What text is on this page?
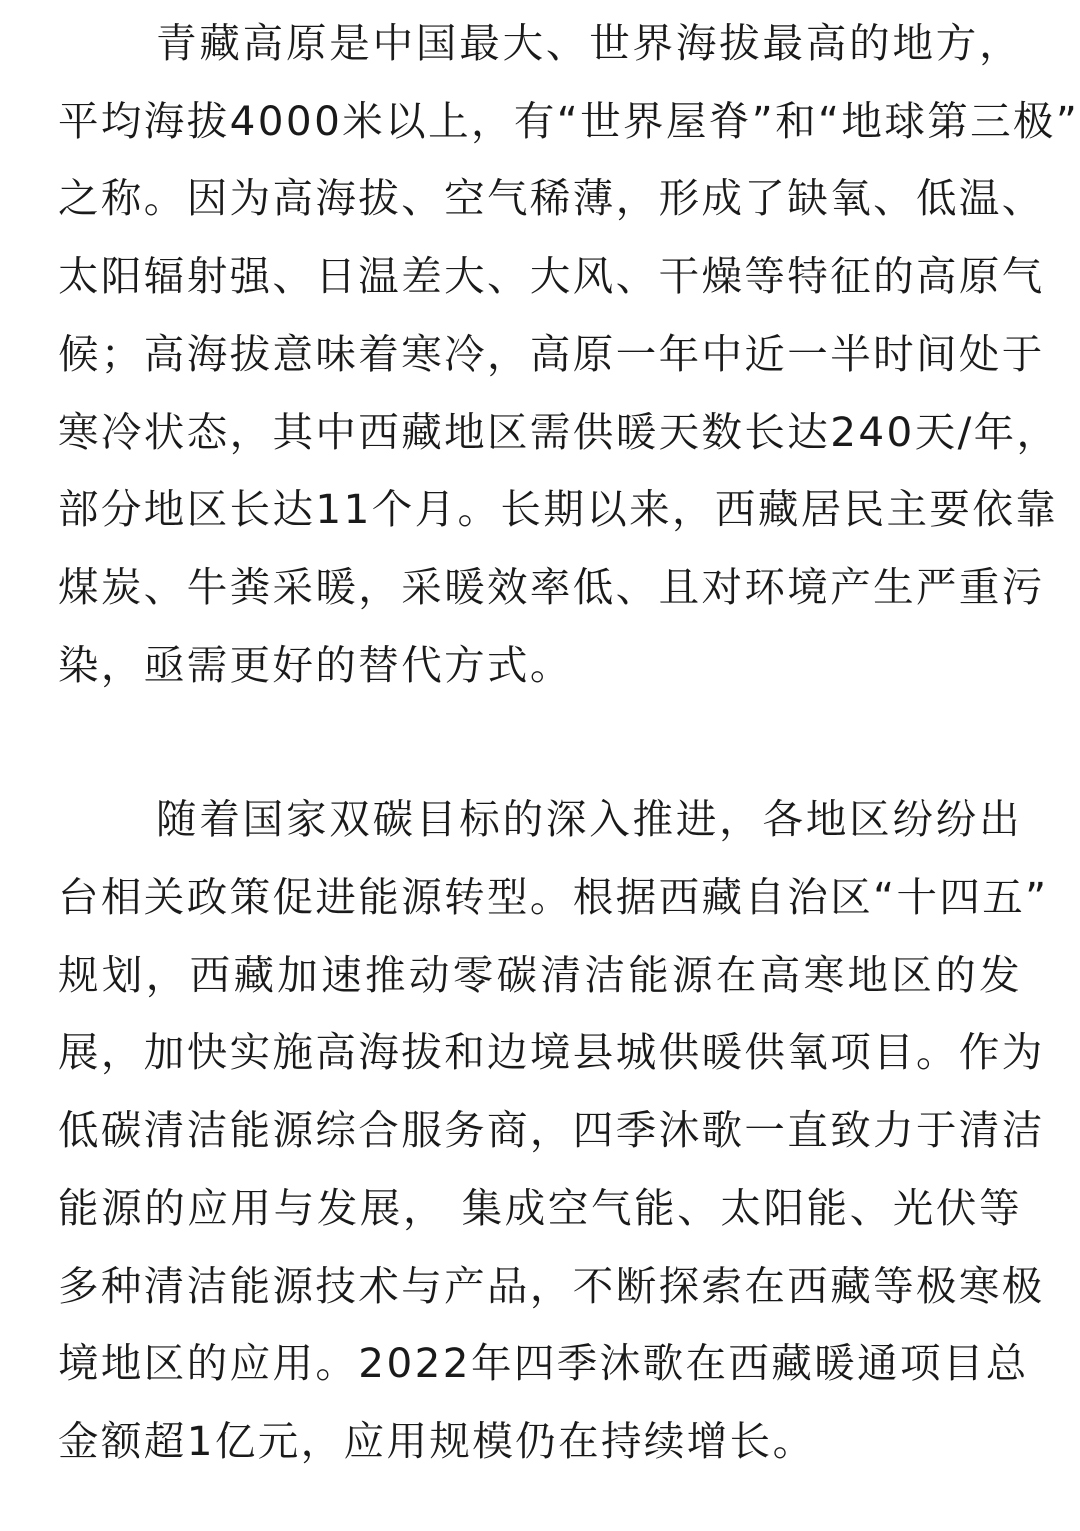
青藏高原是中国最大、世界海拔最高的地方，
平均海拔4000米以上，有“世界屋脊”和“地球第三极”
之称。因为高海拔、空气稀薄，形成了缺氧、低温、
太阳辐射强、日温差大、大风、干燥等特征的高原气
候；高海拔意味着寒冷，高原一年中近一半时间处于
寒冷状态，其中西藏地区需供暖天数长达240天/年，
部分地区长达11个月。长期以来，西藏居民主要依靠
煤炭、牛粪采暖，采暖效率低、且对环境产生严重污
染，亟需更好的替代方式。

随着国家双碳目标的深入推进，各地区纷纷出
台相关政策促进能源转型。根据西藏自治区“十四五”
规划，西藏加速推动零碳清洁能源在高寒地区的发
展，加快实施高海拔和边境县城供暖供氧项目。作为
低碳清洁能源综合服务商，四季沐歌一直致力于清洁
能源的应用与发展， 集成空气能、太阳能、光伏等
多种清洁能源技术与产品，不断探索在西藏等极寒极
境地区的应用。2022年四季沐歌在西藏暖通项目总
金额超1亿元，应用规模仍在持续增长。
